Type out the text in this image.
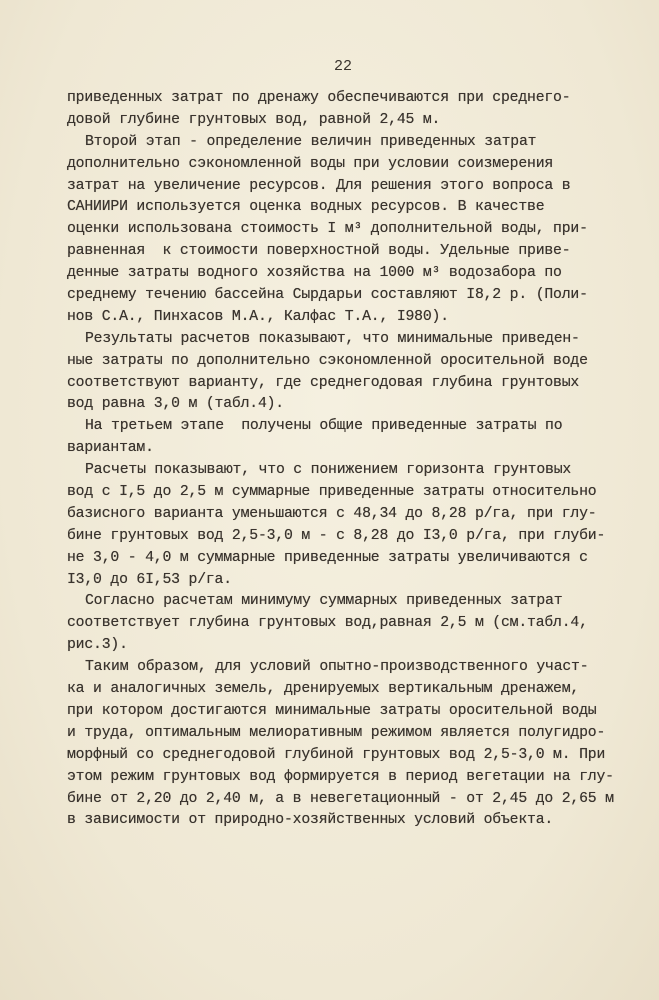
22
приведенных затрат по дренажу обеспечиваются при среднего-
довой глубине грунтовых вод, равной 2,45 м.
Второй этап - определение величин приведенных затрат
дополнительно сэкономленной воды при условии соизмерения
затрат на увеличение ресурсов. Для решения этого вопроса в
САНИИРИ используется оценка водных ресурсов. В качестве
оценки использована стоимость I м³ дополнительной воды, при-
равненная  к стоимости поверхностной воды. Удельные приве-
денные затраты водного хозяйства на 1000 м³ водозабора по
среднему течению бассейна Сырдарьи составляют I8,2 р. (Поли-
нов С.А., Пинхасов М.А., Калфас Т.А., I980).
Результаты расчетов показывают, что минимальные приведен-
ные затраты по дополнительно сэкономленной оросительной воде
соответствуют варианту, где среднегодовая глубина грунтовых
вод равна 3,0 м (табл.4).
На третьем этапе  получены общие приведенные затраты по
вариантам.
Расчеты показывают, что с понижением горизонта грунтовых
вод с I,5 до 2,5 м суммарные приведенные затраты относительно
базисного варианта уменьшаются с 48,34 до 8,28 р/га, при глу-
бине грунтовых вод 2,5-3,0 м - с 8,28 до I3,0 р/га, при глуби-
не 3,0 - 4,0 м суммарные приведенные затраты увеличиваются с
I3,0 до 6I,53 р/га.
Согласно расчетам минимуму суммарных приведенных затрат
соответствует глубина грунтовых вод,равная 2,5 м (см.табл.4,
рис.3).
Таким образом, для условий опытно-производственного участ-
ка и аналогичных земель, дренируемых вертикальным дренажем,
при котором достигаются минимальные затраты оросительной воды
и труда, оптимальным мелиоративным режимом является полугидро-
морфный со среднегодовой глубиной грунтовых вод 2,5-3,0 м. При
этом режим грунтовых вод формируется в период вегетации на глу-
бине от 2,20 до 2,40 м, а в невегетационный - от 2,45 до 2,65 м
в зависимости от природно-хозяйственных условий объекта.
